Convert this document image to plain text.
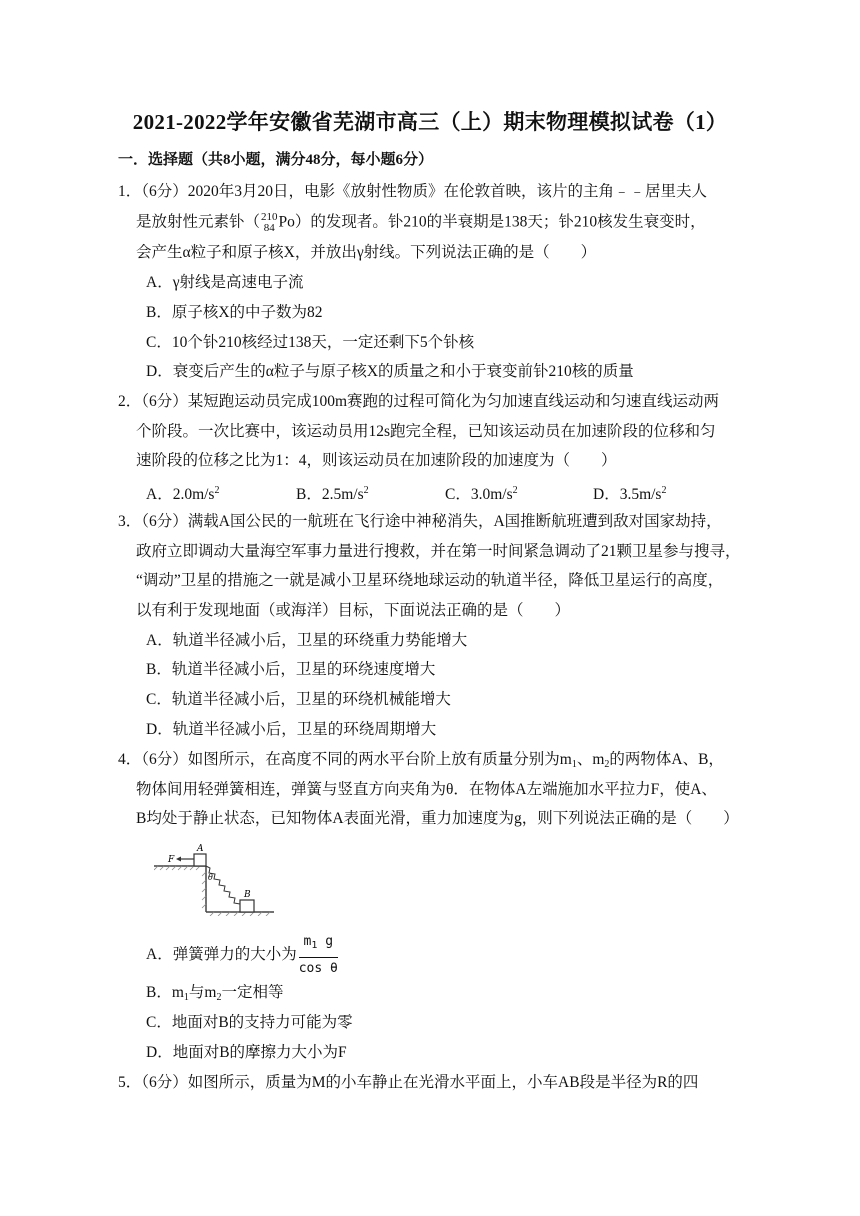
2021-2022学年安徽省芜湖市高三（上）期末物理模拟试卷（1）
一．选择题（共8小题，满分48分，每小题6分）
1．（6分）2020年3月20日，电影《放射性物质》在伦敦首映，该片的主角﹣﹣居里夫人
是放射性元素钋（ 210
84 Po）的发现者。钋210的半衰期是138天；钋210核发生衰变时，
会产生α粒子和原子核X，并放出γ射线。下列说法正确的是（　　）
A．γ射线是高速电子流
B．原子核X的中子数为82
C．10个钋210核经过138天，一定还剩下5个钋核
D．衰变后产生的α粒子与原子核X的质量之和小于衰变前钋210核的质量
2．（6分）某短跑运动员完成100m赛跑的过程可简化为匀加速直线运动和匀速直线运动两
个阶段。一次比赛中，该运动员用12s跑完全程，已知该运动员在加速阶段的位移和匀
速阶段的位移之比为1：4，则该运动员在加速阶段的加速度为（　　）
A．$2.0m/s^2$	B．$2.5m/s^2$	C．$3.0m/s^2$	D．$3.5m/s^2$
3．（6分）满载A国公民的一航班在飞行途中神秘消失，A国推断航班遭到敌对国家劫持，
政府立即调动大量海空军事力量进行搜救，并在第一时间紧急调动了21颗卫星参与搜寻，
“调动”卫星的措施之一就是减小卫星环绕地球运动的轨道半径，降低卫星运行的高度，
以有利于发现地面（或海洋）目标，下面说法正确的是（　　）
A．轨道半径减小后，卫星的环绕重力势能增大
B．轨道半径减小后，卫星的环绕速度增大
C．轨道半径减小后，卫星的环绕机械能增大
D．轨道半径减小后，卫星的环绕周期增大
4．（6分）如图所示，在高度不同的两水平台阶上放有质量分别为$m_1$、$m_2$的两物体A、B，
物体间用轻弹簧相连，弹簧与竖直方向夹角为θ．在物体A左端施加水平拉力F，使A、
B均处于静止状态，已知物体A表面光滑，重力加速度为g，则下列说法正确的是（　　）
A
F
θ
B
A．弹簧弹力的大小为 $\frac{m_1 g}{\text{cos θ}}$
B．$m_1$与$m_2$一定相等
C．地面对B的支持力可能为零
D．地面对B的摩擦力大小为F
5．（6分）如图所示，质量为M的小车静止在光滑水平面上，小车AB段是半径为R的四
